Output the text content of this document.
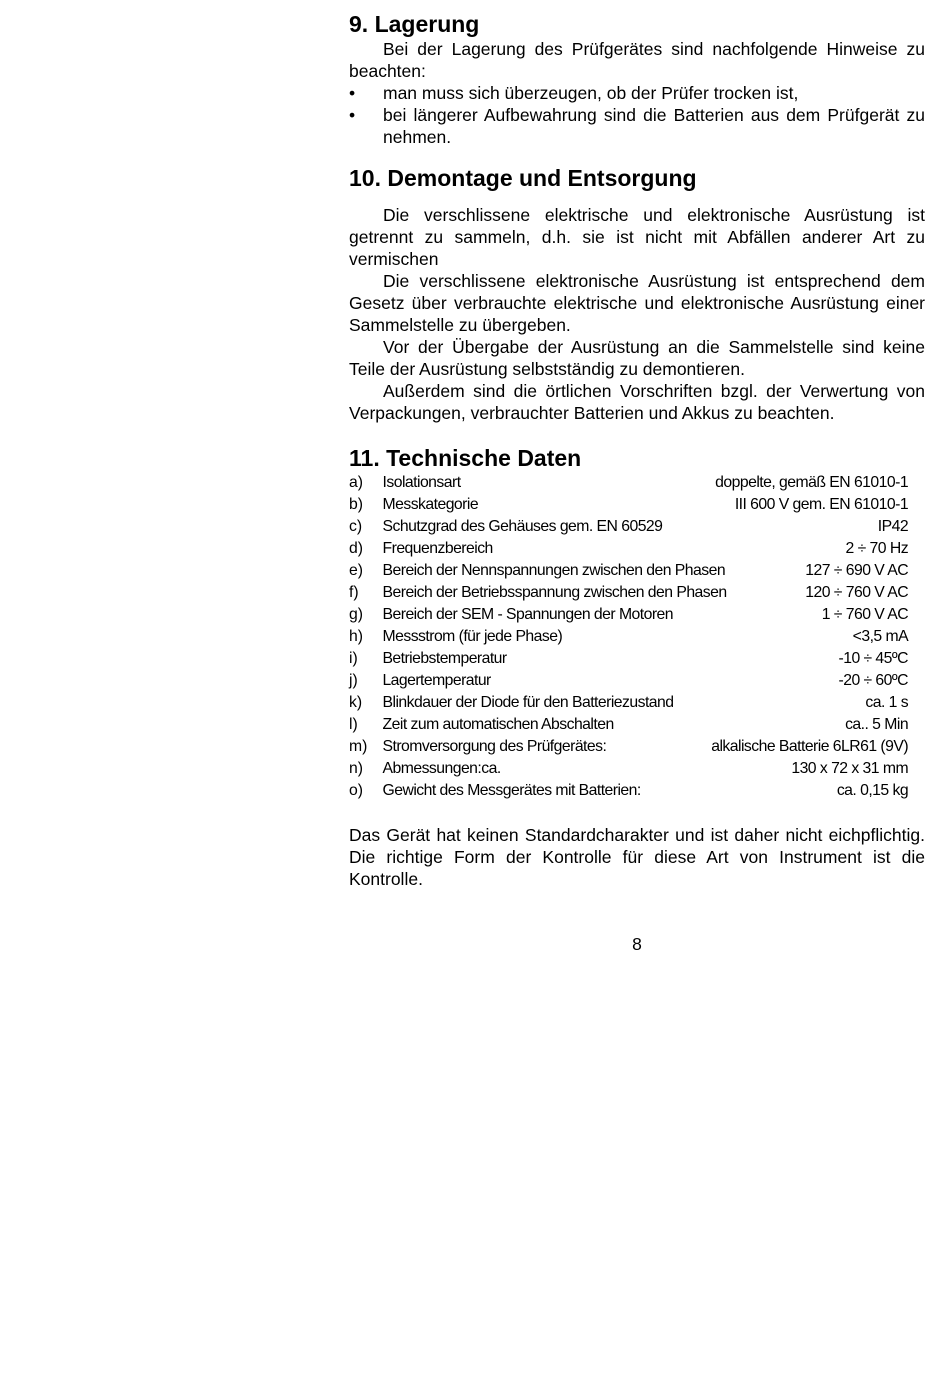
9. Lagerung

Bei der Lagerung des Prüfgerätes sind nachfolgende Hinweise zu beachten:

•	man muss sich überzeugen, ob der Prüfer trocken ist,
•	bei längerer Aufbewahrung sind die Batterien aus dem Prüfgerät zu nehmen.
10. Demontage und Entsorgung

Die verschlissene elektrische und elektronische Ausrüstung ist getrennt zu sammeln, d.h. sie ist nicht mit Abfällen anderer Art zu vermischen

Die verschlissene elektronische Ausrüstung ist entsprechend dem Gesetz über verbrauchte elektrische und elektronische Ausrüstung einer Sammelstelle zu übergeben.

Vor der Übergabe der Ausrüstung an die Sammelstelle sind keine Teile der Ausrüstung selbstständig zu demontieren.

Außerdem sind die örtlichen Vorschriften bzgl. der Verwertung von Verpackungen, verbrauchter Batterien und Akkus zu beachten.

11. Technische Daten
a)	Isolationsart	doppelte, gemäß EN 61010-1
b)	Messkategorie	III 600 V gem. EN 61010-1
c)	Schutzgrad des Gehäuses gem. EN 60529	IP42
d)	Frequenzbereich	2 ÷ 70 Hz
e)	Bereich der Nennspannungen zwischen den Phasen	127 ÷ 690 V AC
f)	Bereich der Betriebsspannung zwischen den Phasen	120 ÷ 760 V AC
g)	Bereich der SEM - Spannungen der Motoren	1 ÷ 760 V AC
h)	Messstrom (für jede Phase)	<3,5 mA
i)	Betriebstemperatur	-10 ÷ 45ºC
j)	Lagertemperatur	-20 ÷ 60ºC
k)	Blinkdauer der Diode für den Batteriezustand	ca. 1 s
l)	Zeit zum automatischen Abschalten	ca.. 5 Min
m) Stromversorgung des Prüfgerätes:	alkalische Batterie 6LR61 (9V)
n)	Abmessungen:ca.	130 x 72 x 31 mm
o)	Gewicht des Messgerätes mit Batterien:	ca. 0,15 kg

Das Gerät hat keinen Standardcharakter und ist daher nicht eichpflichtig. Die richtige Form der Kontrolle für diese Art von Instrument ist die Kontrolle.

8
